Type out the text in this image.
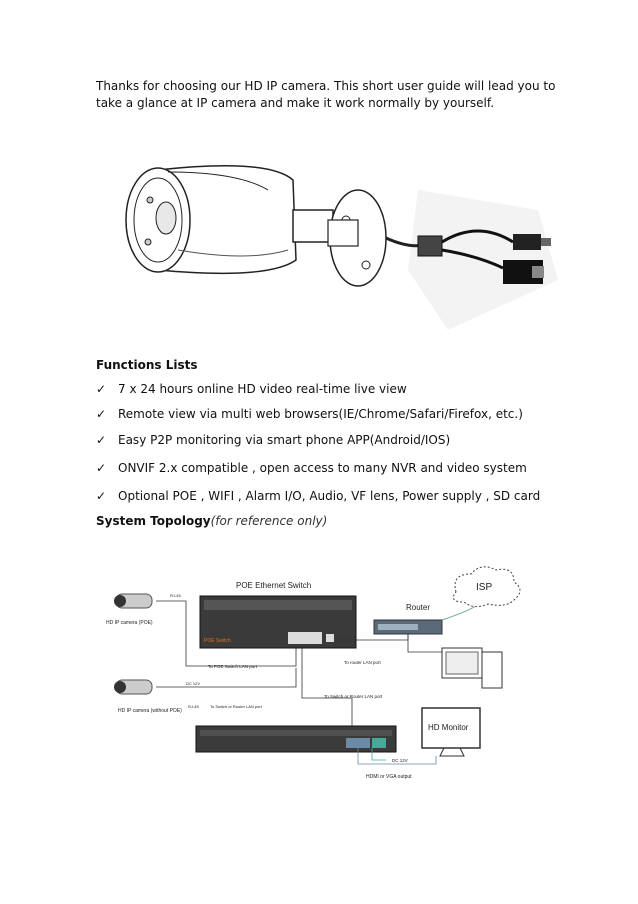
Thanks for choosing our HD IP camera. This short user guide will lead you to take a glance at IP camera and make it work normally by yourself.
Functions Lists
✓ 7 x 24 hours online HD video real-time live view
✓ Remote view via multi web browsers(IE/Chrome/Safari/Firefox, etc.)
✓ Easy P2P monitoring via smart phone APP(Android/IOS)
✓ ONVIF 2.x compatible , open access to many NVR and video system
✓ Optional POE , WIFI , Alarm I/O, Audio, VF lens, Power supply , SD card
System Topology(for reference only)
ISP
Router
POE Ethernet Switch
POE Switch
RJ-45
HD IP camera (POE)
DC 12V
RJ-45
HD IP camera (without POE)
To Switch or Router LAN port
To POE Switch LAN port
To router LAN port
To Switch or Router LAN port
HD Monitor
DC 12V
HDMI or VGA output
